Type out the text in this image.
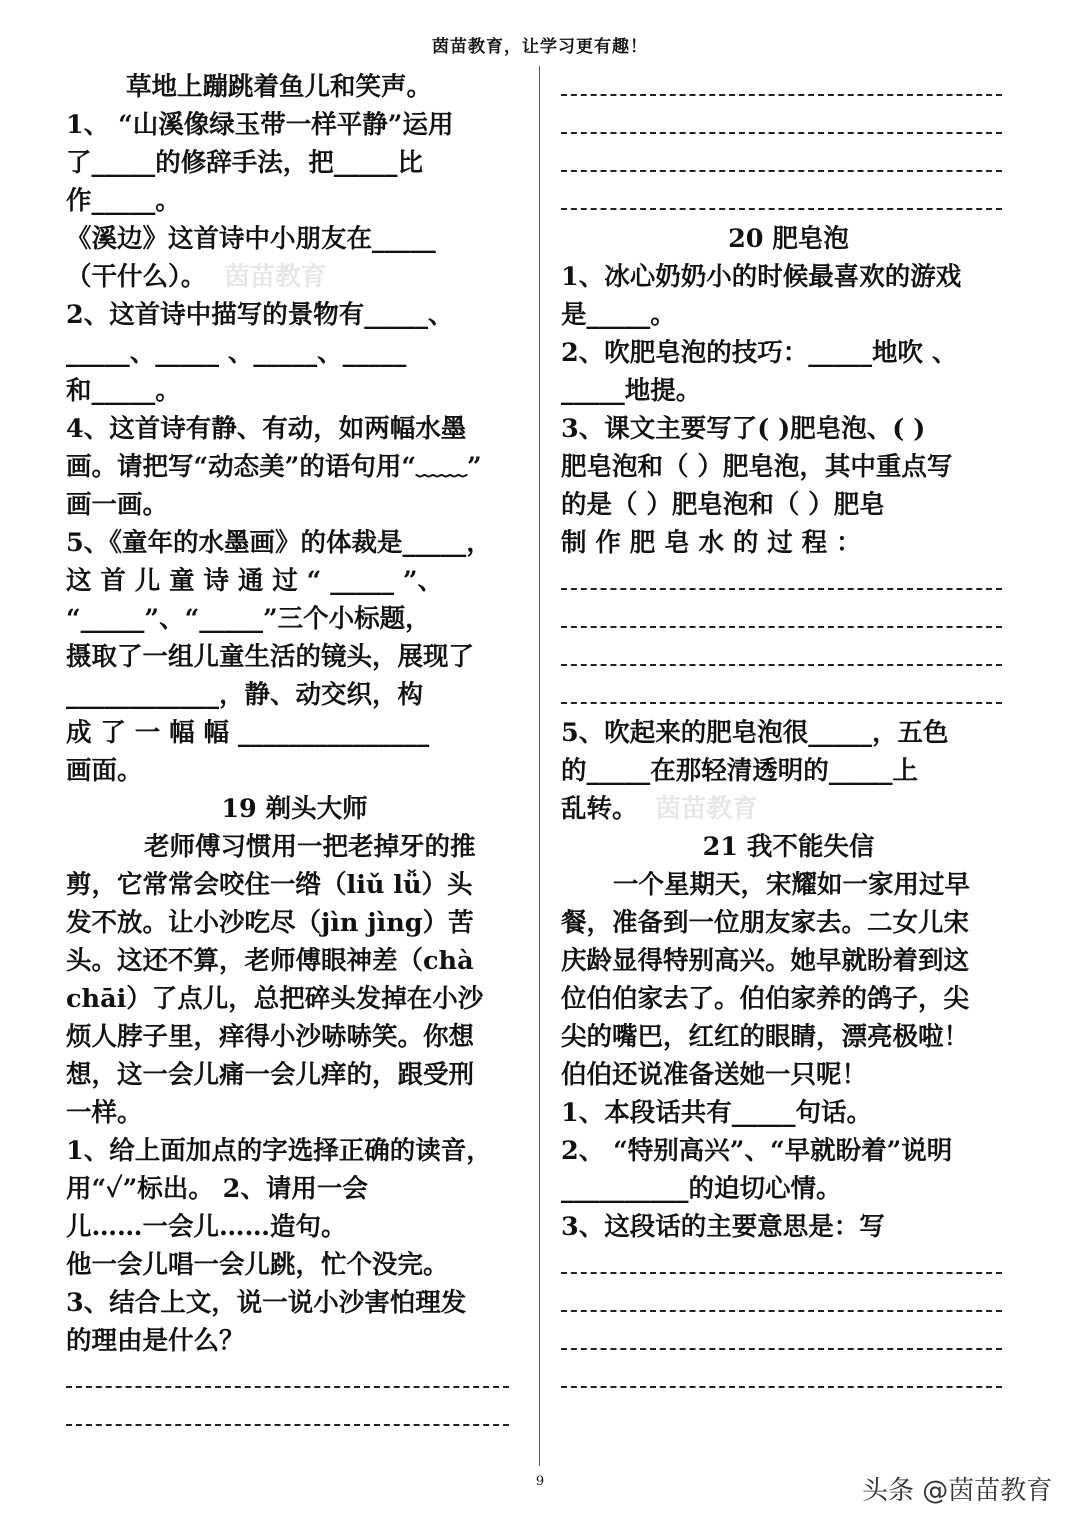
茵苗教育，让学习更有趣！
草地上蹦跳着鱼儿和笑声。
1、 “山溪像绿玉带一样平静”运用
了_____的修辞手法，把_____比
作_____。
《溪边》这首诗中小朋友在_____
（干什么）。 茵苗教育
2、这首诗中描写的景物有_____、
_____、_____ 、_____、_____
和_____。
4、这首诗有静、有动，如两幅水墨
画。请把写“动态美”的语句用“﹏﹏”
画一画。
5、《童年的水墨画》的体裁是_____，
这 首 儿 童 诗 通 过 “ _____ ”、
“_____”、“_____”三个小标题，
摄取了一组儿童生活的镜头，展现了
____________，静、动交织，构
成 了 一 幅 幅 _______________
画面。
19 剃头大师
老师傅习惯用一把老掉牙的推
剪，它常常会咬住一绺（liǔ lǚ）头
发不放。让小沙吃尽（jìn jìng）苦
头。这还不算，老师傅眼神差（chà
chāi）了点儿，总把碎头发掉在小沙
烦人脖子里，痒得小沙哧哧笑。你想
想，这一会儿痛一会儿痒的，跟受刑
一样。
1、给上面加点的字选择正确的读音，
用“✓”标出。 2、请用一会
儿……一会儿……造句。
他一会儿唱一会儿跳，忙个没完。
3、结合上文，说一说小沙害怕理发
的理由是什么？
20 肥皂泡
1、冰心奶奶小的时候最喜欢的游戏
是_____。
2、吹肥皂泡的技巧：_____地吹 、
_____地提。
3、课文主要写了( )肥皂泡、( )
肥皂泡和（ ）肥皂泡，其中重点写
的是（ ）肥皂泡和（ ）肥皂
制 作 肥 皂 水 的 过 程 ：
5、吹起来的肥皂泡很_____，五色
的_____在那轻清透明的_____上
乱转。 茵苗教育
21 我不能失信
一个星期天，宋耀如一家用过早
餐，准备到一位朋友家去。二女儿宋
庆龄显得特别高兴。她早就盼着到这
位伯伯家去了。伯伯家养的鸽子，尖
尖的嘴巴，红红的眼睛，漂亮极啦！
伯伯还说准备送她一只呢！
1、本段话共有_____句话。
2、 “特别高兴”、“早就盼着”说明
__________的迫切心情。
3、这段话的主要意思是：写
9	头条 @茵苗教育
